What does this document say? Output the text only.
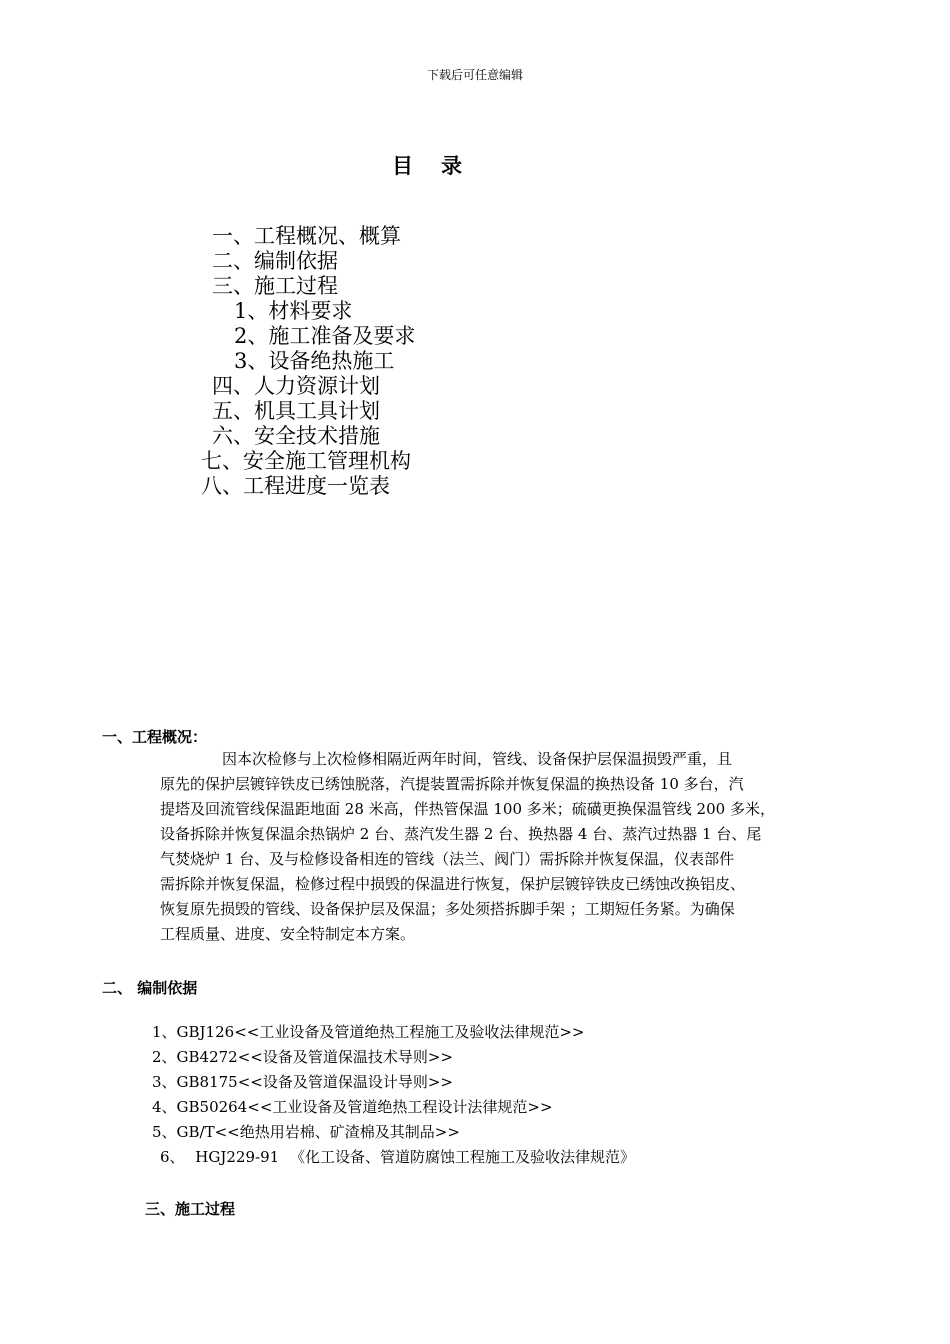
下载后可任意编辑
目 录
一、工程概况、概算
二、编制依据
三、施工过程
1、材料要求
2、施工准备及要求
3、设备绝热施工
四、人力资源计划
五、机具工具计划
六、安全技术措施
七、安全施工管理机构
八、工程进度一览表
一、工程概况：
因本次检修与上次检修相隔近两年时间，管线、设备保护层保温损毁严重，且
原先的保护层镀锌铁皮已绣蚀脱落，汽提装置需拆除并恢复保温的换热设备 10 多台，汽
提塔及回流管线保温距地面 28 米高，伴热管保温 100 多米；硫磺更换保温管线 200 多米，
设备拆除并恢复保温余热锅炉 2 台、蒸汽发生器 2 台、换热器 4 台、蒸汽过热器 1 台、尾
气焚烧炉 1 台、及与检修设备相连的管线（法兰、阀门）需拆除并恢复保温，仪表部件
需拆除并恢复保温，检修过程中损毁的保温进行恢复，保护层镀锌铁皮已绣蚀改换铝皮、
恢复原先损毁的管线、设备保护层及保温；多处须搭拆脚手架 ；工期短任务紧。为确保
工程质量、进度、安全特制定本方案。
二、 编制依据
1、GBJ126<<工业设备及管道绝热工程施工及验收法律规范>>
2、GB4272<<设备及管道保温技术导则>>
3、GB8175<<设备及管道保温设计导则>>
4、GB50264<<工业设备及管道绝热工程设计法律规范>>
5、GB/T<<绝热用岩棉、矿渣棉及其制品>>
6、 HGJ229-91 《化工设备、管道防腐蚀工程施工及验收法律规范》
三、施工过程
